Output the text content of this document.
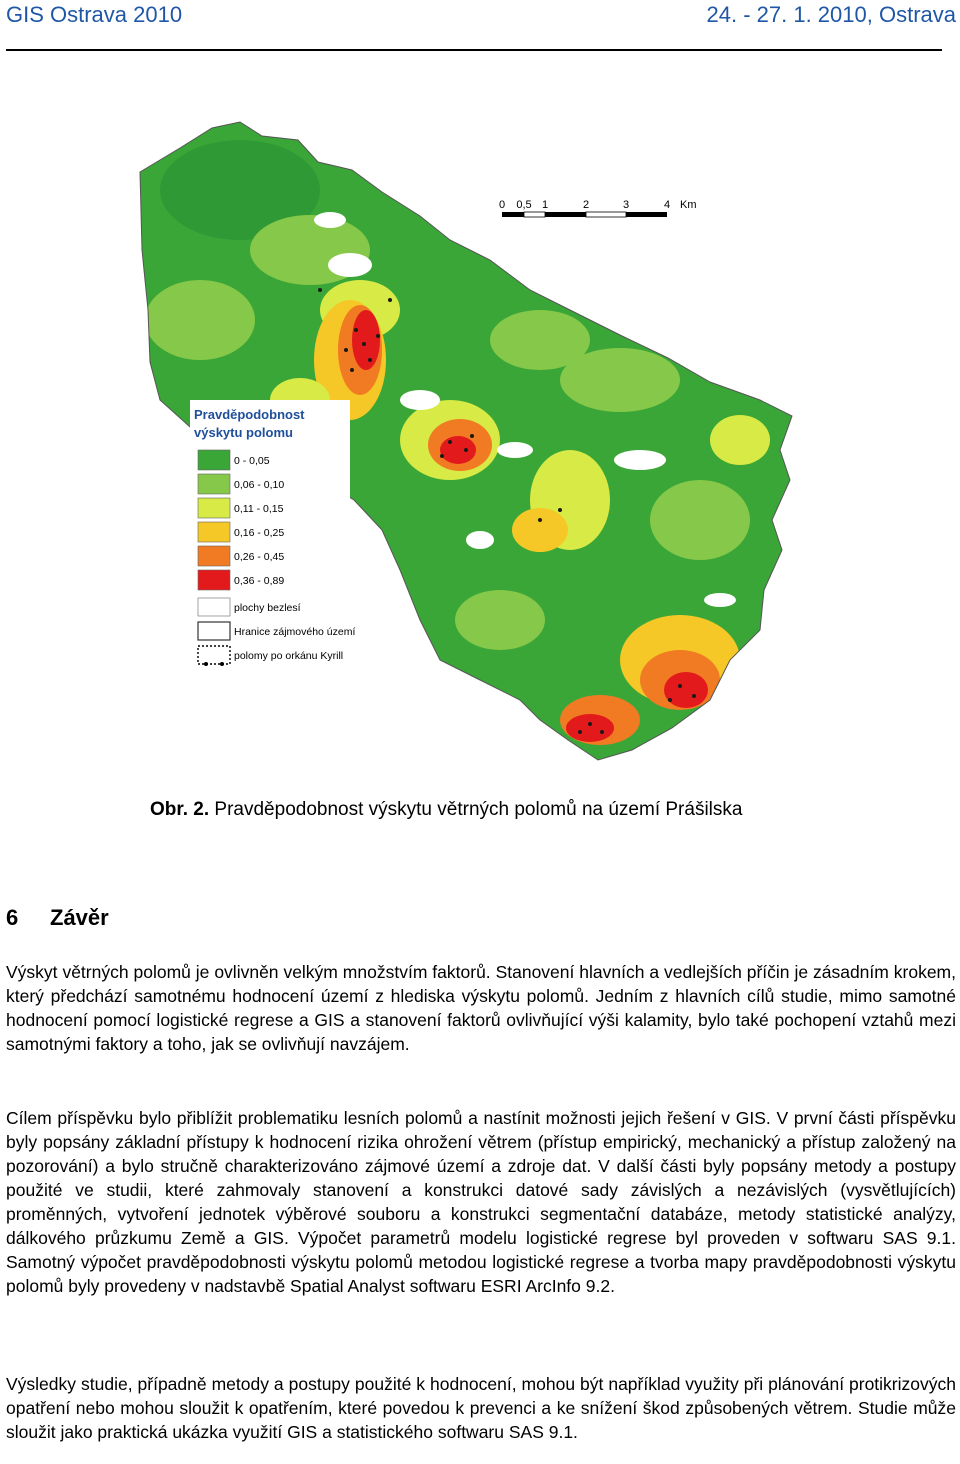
GIS Ostrava 2010	24. - 27. 1. 2010, Ostrava
0 0,5 1	2	3	4 Km
Pravděpodobnost
výskytu polomu
0 - 0,05
0,06 - 0,10
0,11 - 0,15
0,16 - 0,25
0,26 - 0,45
0,36 - 0,89
plochy bezlesí
Hranice zájmového území
polomy po orkánu Kyrill
Obr. 2. Pravděpodobnost výskytu větrných polomů na území Prášilska
6 Závěr

Výskyt větrných polomů je ovlivněn velkým množstvím faktorů. Stanovení hlavních a vedlejších příčin je zásadním krokem, který předchází samotnému hodnocení území z hlediska výskytu polomů. Jedním z hlavních cílů studie, mimo samotné hodnocení pomocí logistické regrese a GIS a stanovení faktorů ovlivňující výši kalamity, bylo také pochopení vztahů mezi samotnými faktory a toho, jak se ovlivňují navzájem.

Cílem příspěvku bylo přiblížit problematiku lesních polomů a nastínit možnosti jejich řešení v GIS. V první části příspěvku byly popsány základní přístupy k hodnocení rizika ohrožení větrem (přístup empirický, mechanický a přístup založený na pozorování) a bylo stručně charakterizováno zájmové území a zdroje dat. V další části byly popsány metody a postupy použité ve studii, které zahmovaly stanovení a konstrukci datové sady závislých a nezávislých (vysvětlujících) proměnných, vytvoření jednotek výběrové souboru a konstrukci segmentační databáze, metody statistické analýzy, dálkového průzkumu Země a GIS. Výpočet parametrů modelu logistické regrese byl proveden v softwaru SAS 9.1. Samotný výpočet pravděpodobnosti výskytu polomů metodou logistické regrese a tvorba mapy pravděpodobnosti výskytu polomů byly provedeny v nadstavbě Spatial Analyst softwaru ESRI ArcInfo 9.2.

Výsledky studie, případně metody a postupy použité k hodnocení, mohou být například využity při plánování protikrizových opatření nebo mohou sloužit k opatřením, které povedou k prevenci a ke snížení škod způsobených větrem. Studie může sloužit jako praktická ukázka využití GIS a statistického softwaru SAS 9.1.
